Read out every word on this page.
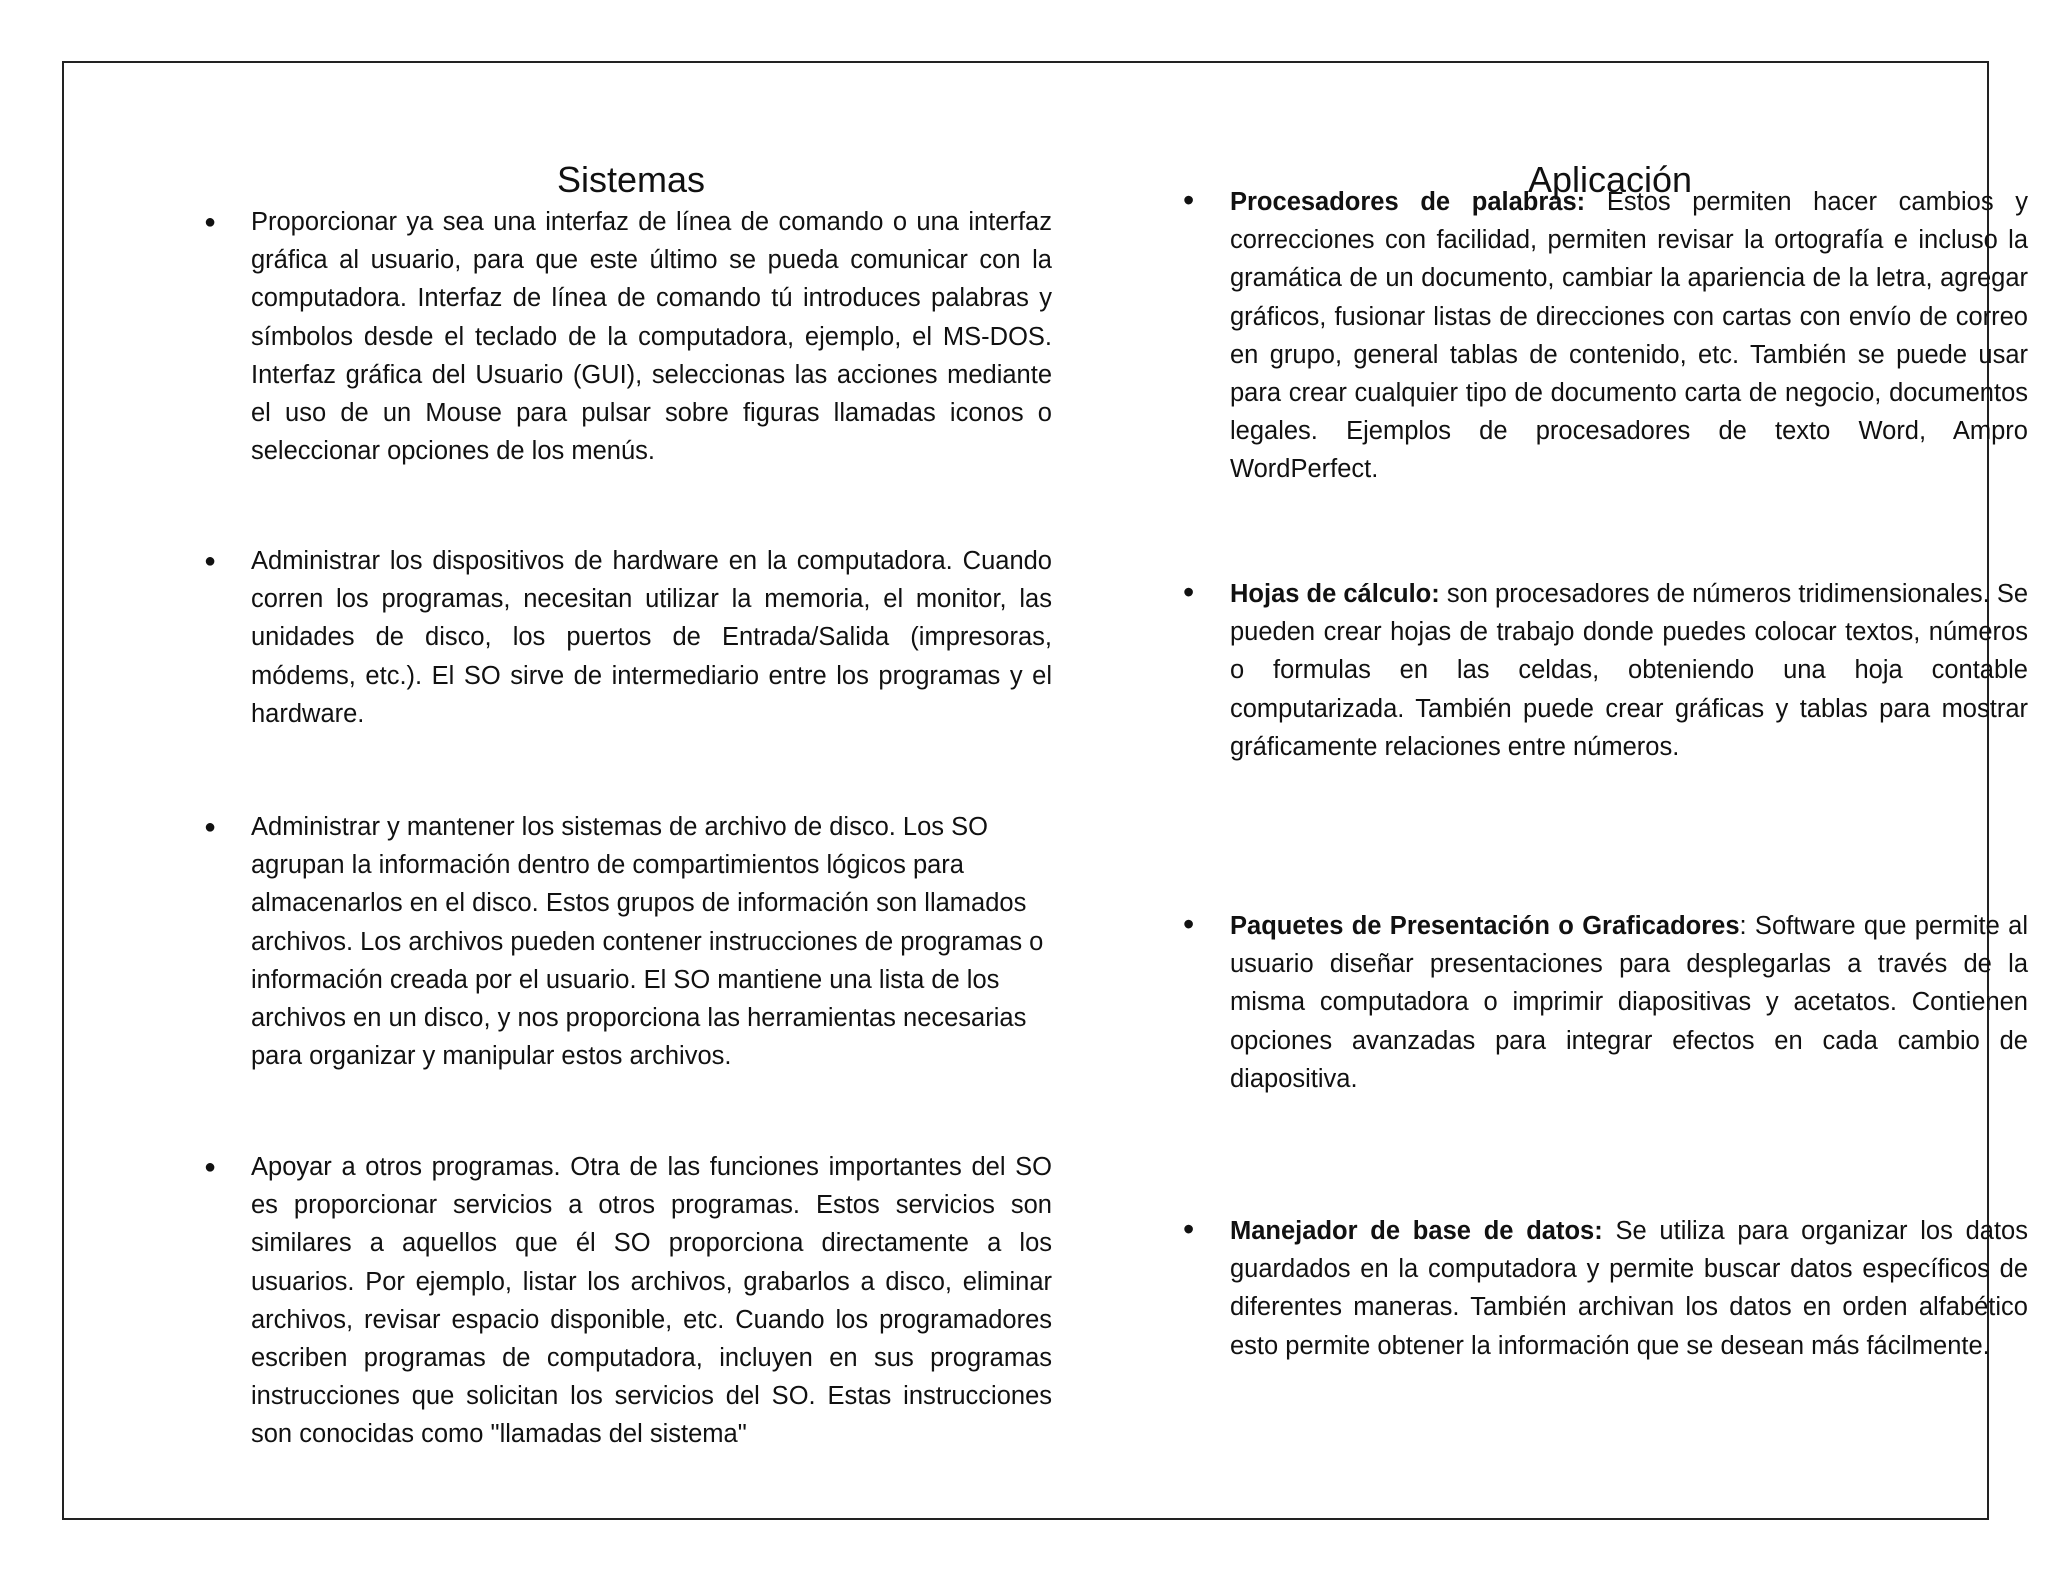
Sistemas
● Proporcionar ya sea una interfaz de línea de comando o una interfaz gráfica al usuario, para que este último se pueda comunicar con la computadora. Interfaz de línea de comando tú introduces palabras y símbolos desde el teclado de la computadora, ejemplo, el MS-DOS. Interfaz gráfica del Usuario (GUI), seleccionas las acciones mediante el uso de un Mouse para pulsar sobre figuras llamadas iconos o seleccionar opciones de los menús.
● Administrar los dispositivos de hardware en la computadora. Cuando corren los programas, necesitan utilizar la memoria, el monitor, las unidades de disco, los puertos de Entrada/Salida (impresoras, módems, etc.). El SO sirve de intermediario entre los programas y el hardware.
● Administrar y mantener los sistemas de archivo de disco. Los SO agrupan la información dentro de compartimientos lógicos para almacenarlos en el disco. Estos grupos de información son llamados archivos. Los archivos pueden contener instrucciones de programas o información creada por el usuario. El SO mantiene una lista de los archivos en un disco, y nos proporciona las herramientas necesarias para organizar y manipular estos archivos.
● Apoyar a otros programas. Otra de las funciones importantes del SO es proporcionar servicios a otros programas. Estos servicios son similares a aquellos que él SO proporciona directamente a los usuarios. Por ejemplo, listar los archivos, grabarlos a disco, eliminar archivos, revisar espacio disponible, etc. Cuando los programadores escriben programas de computadora, incluyen en sus programas instrucciones que solicitan los servicios del SO. Estas instrucciones son conocidas como "llamadas del sistema"
Aplicación
• Procesadores de palabras: Estos permiten hacer cambios y correcciones con facilidad, permiten revisar la ortografía e incluso la gramática de un documento, cambiar la apariencia de la letra, agregar gráficos, fusionar listas de direcciones con cartas con envío de correo en grupo, general tablas de contenido, etc. También se puede usar para crear cualquier tipo de documento carta de negocio, documentos legales. Ejemplos de procesadores de texto Word, Ampro WordPerfect.
• Hojas de cálculo: son procesadores de números tridimensionales. Se pueden crear hojas de trabajo donde puedes colocar textos, números o formulas en las celdas, obteniendo una hoja contable computarizada. También puede crear gráficas y tablas para mostrar gráficamente relaciones entre números.
• Paquetes de Presentación o Graficadores: Software que permite al usuario diseñar presentaciones para desplegarlas a través de la misma computadora o imprimir diapositivas y acetatos. Contienen opciones avanzadas para integrar efectos en cada cambio de diapositiva.
• Manejador de base de datos: Se utiliza para organizar los datos guardados en la computadora y permite buscar datos específicos de diferentes maneras. También archivan los datos en orden alfabético esto permite obtener la información que se desean más fácilmente.
